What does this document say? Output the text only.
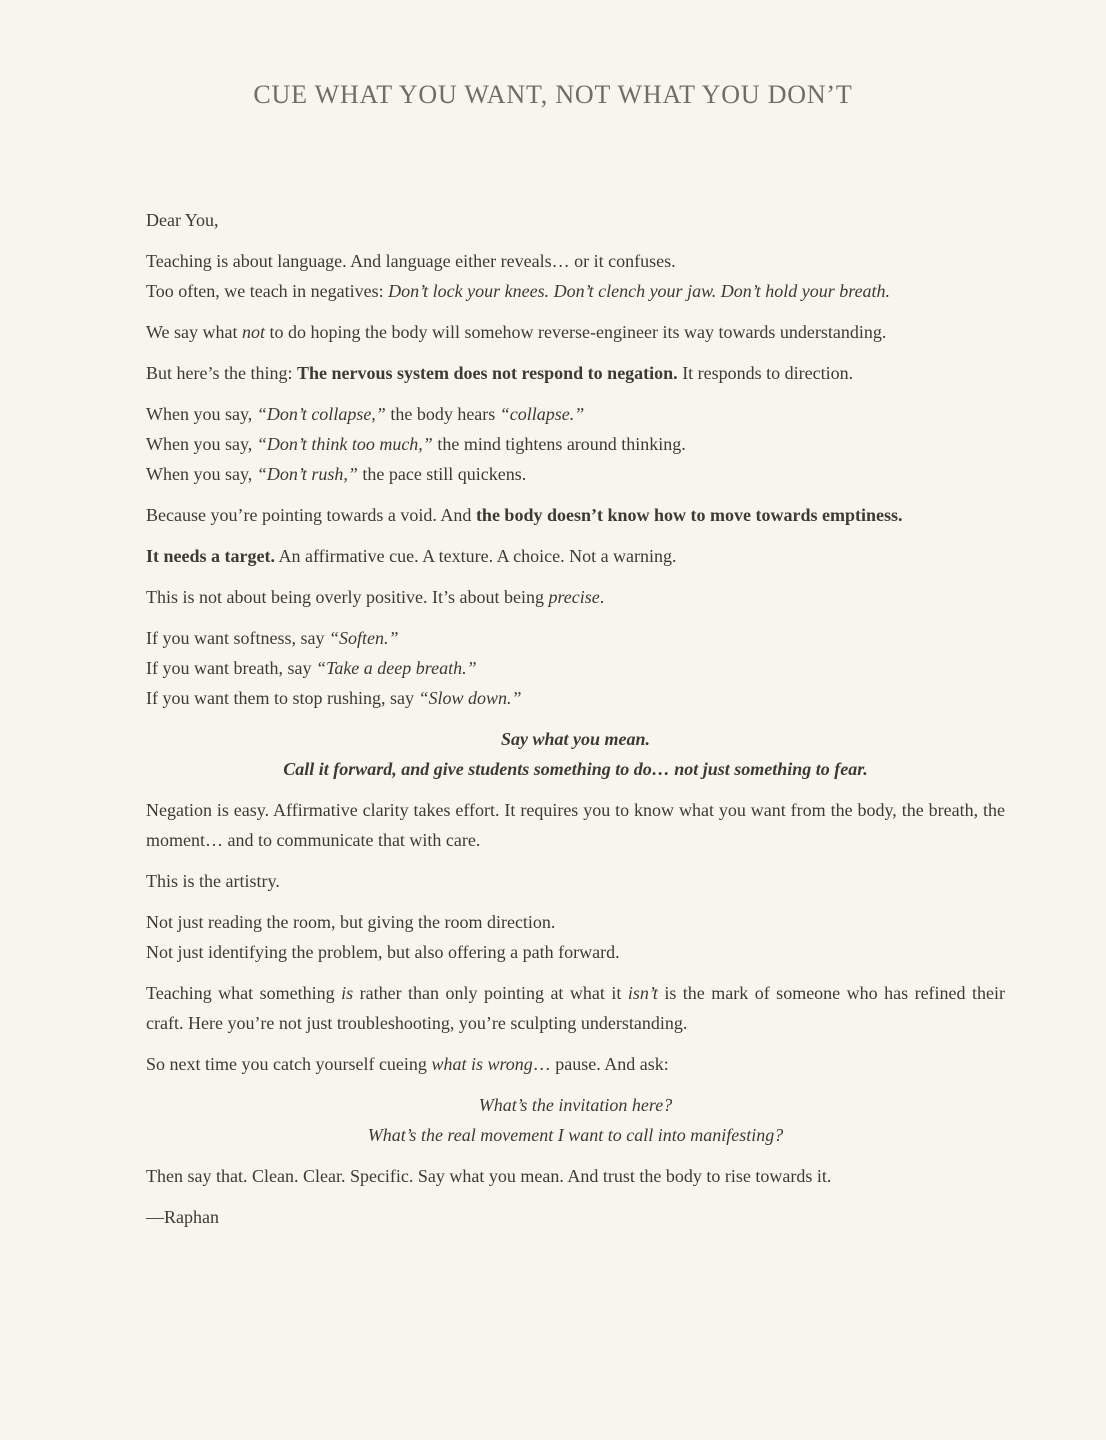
CUE WHAT YOU WANT, NOT WHAT YOU DON’T

Dear You,

Teaching is about language. And language either reveals… or it confuses.
Too often, we teach in negatives: Don’t lock your knees. Don’t clench your jaw. Don’t hold your breath.

We say what not to do hoping the body will somehow reverse-engineer its way towards understanding.

But here’s the thing: The nervous system does not respond to negation. It responds to direction.

When you say, “Don’t collapse,” the body hears “collapse.”
When you say, “Don’t think too much,” the mind tightens around thinking.
When you say, “Don’t rush,” the pace still quickens.

Because you’re pointing towards a void. And the body doesn’t know how to move towards emptiness.

It needs a target. An affirmative cue. A texture. A choice. Not a warning.

This is not about being overly positive. It’s about being precise.

If you want softness, say “Soften.”
If you want breath, say “Take a deep breath.”
If you want them to stop rushing, say “Slow down.”

Say what you mean.
Call it forward, and give students something to do… not just something to fear.

Negation is easy. Affirmative clarity takes effort. It requires you to know what you want from the body, the breath, the moment… and to communicate that with care.

This is the artistry.

Not just reading the room, but giving the room direction.
Not just identifying the problem, but also offering a path forward.

Teaching what something is rather than only pointing at what it isn’t is the mark of someone who has refined their craft. Here you’re not just troubleshooting, you’re sculpting understanding.

So next time you catch yourself cueing what is wrong… pause. And ask:

What’s the invitation here?
What’s the real movement I want to call into manifesting?

Then say that. Clean. Clear. Specific. Say what you mean. And trust the body to rise towards it.

—Raphan
